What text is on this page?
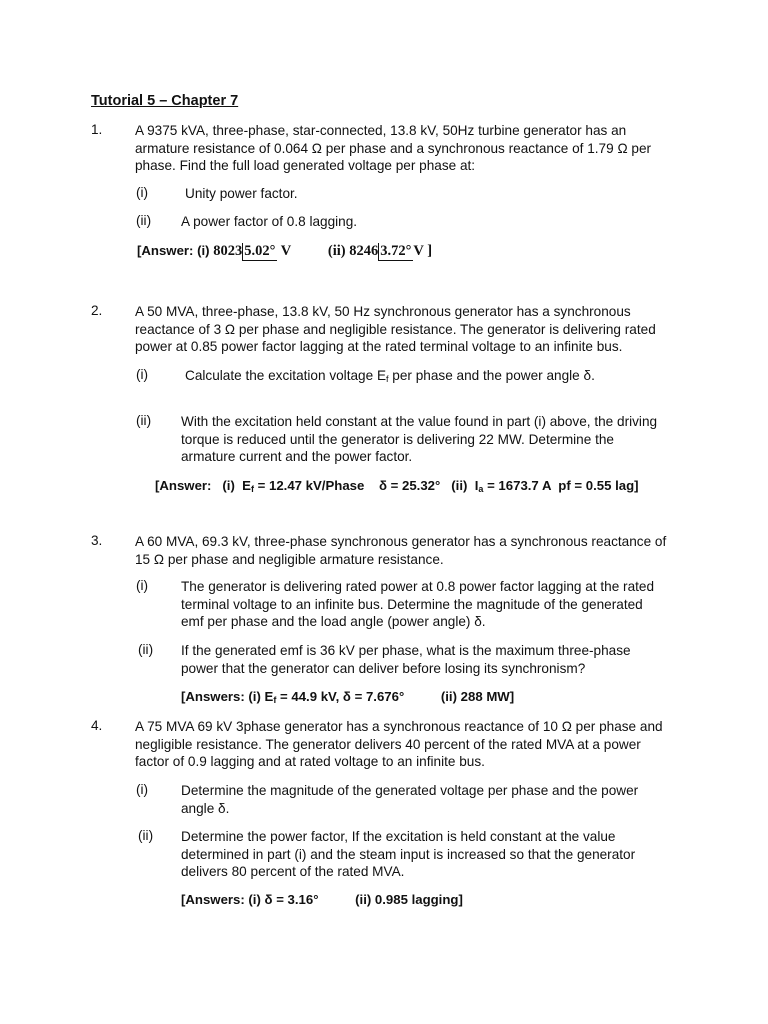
Tutorial 5 – Chapter 7
1.	A 9375 kVA, three-phase, star-connected, 13.8 kV, 50Hz turbine generator has an armature resistance of 0.064 Ω per phase and a synchronous reactance of 1.79 Ω per phase. Find the full load generated voltage per phase at:
(i)	Unity power factor.
(ii) A power factor of 0.8 lagging.
[Answer: (i) 8023 5.02° V	(ii) 8246 3.72° V ]
2.	A 50 MVA, three-phase, 13.8 kV, 50 Hz synchronous generator has a synchronous reactance of 3 Ω per phase and negligible resistance. The generator is delivering rated power at 0.85 power factor lagging at the rated terminal voltage to an infinite bus.
(i)	Calculate the excitation voltage $E_f$ per phase and the power angle δ.
(ii) With the excitation held constant at the value found in part (i) above, the driving torque is reduced until the generator is delivering 22 MW. Determine the armature current and the power factor.
[Answer:   (i)  $E_f = 12.47$ kV/Phase    δ = 25.32°   (ii)  $I_a = 1673.7$ A  pf = 0.55 lag]
3.	A 60 MVA, 69.3 kV, three-phase synchronous generator has a synchronous reactance of 15 Ω per phase and negligible armature resistance.
(i) The generator is delivering rated power at 0.8 power factor lagging at the rated terminal voltage to an infinite bus. Determine the magnitude of the generated emf per phase and the load angle (power angle) δ.
(ii) If the generated emf is 36 kV per phase, what is the maximum three-phase power that the generator can deliver before losing its synchronism?
[Answers: (i) $E_f = 44.9$ kV, δ = 7.676°          (ii) 288 MW]
4.	A 75 MVA 69 kV 3phase generator has a synchronous reactance of 10 Ω per phase and negligible resistance. The generator delivers 40 percent of the rated MVA at a power factor of 0.9 lagging and at rated voltage to an infinite bus.
(i) Determine the magnitude of the generated voltage per phase and the power angle δ.
(ii) Determine the power factor, If the excitation is held constant at the value determined in part (i) and the steam input is increased so that the generator delivers 80 percent of the rated MVA.
[Answers: (i) δ = 3.16°          (ii) 0.985 lagging]
